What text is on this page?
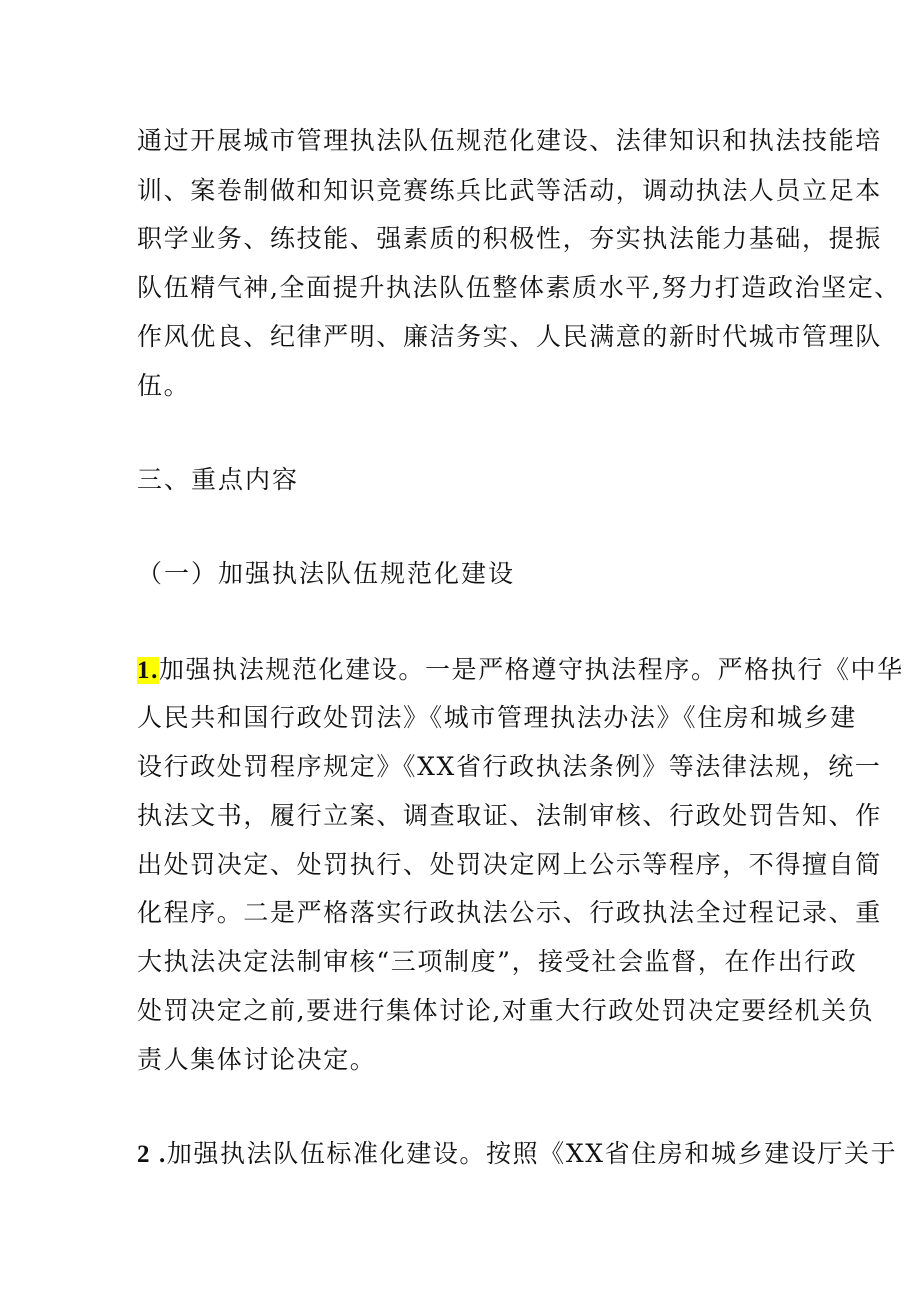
通过开展城市管理执法队伍规范化建设、法律知识和执法技能培

训、案卷制做和知识竞赛练兵比武等活动，调动执法人员立足本

职学业务、练技能、强素质的积极性，夯实执法能力基础，提振

队伍精气神,全面提升执法队伍整体素质水平,努力打造政治坚定、

作风优良、纪律严明、廉洁务实、人民满意的新时代城市管理队

伍。

三、重点内容

（一）加强执法队伍规范化建设

1.加强执法规范化建设。一是严格遵守执法程序。严格执行《中华

人民共和国行政处罚法》《城市管理执法办法》《住房和城乡建

设行政处罚程序规定》《XX省行政执法条例》等法律法规，统一

执法文书，履行立案、调查取证、法制审核、行政处罚告知、作

出处罚决定、处罚执行、处罚决定网上公示等程序，不得擅自简

化程序。二是严格落实行政执法公示、行政执法全过程记录、重

大执法决定法制审核“三项制度”，接受社会监督，在作出行政

处罚决定之前,要进行集体讨论,对重大行政处罚决定要经机关负

责人集体讨论决定。

2 .加强执法队伍标准化建设。按照《XX省住房和城乡建设厅关于
